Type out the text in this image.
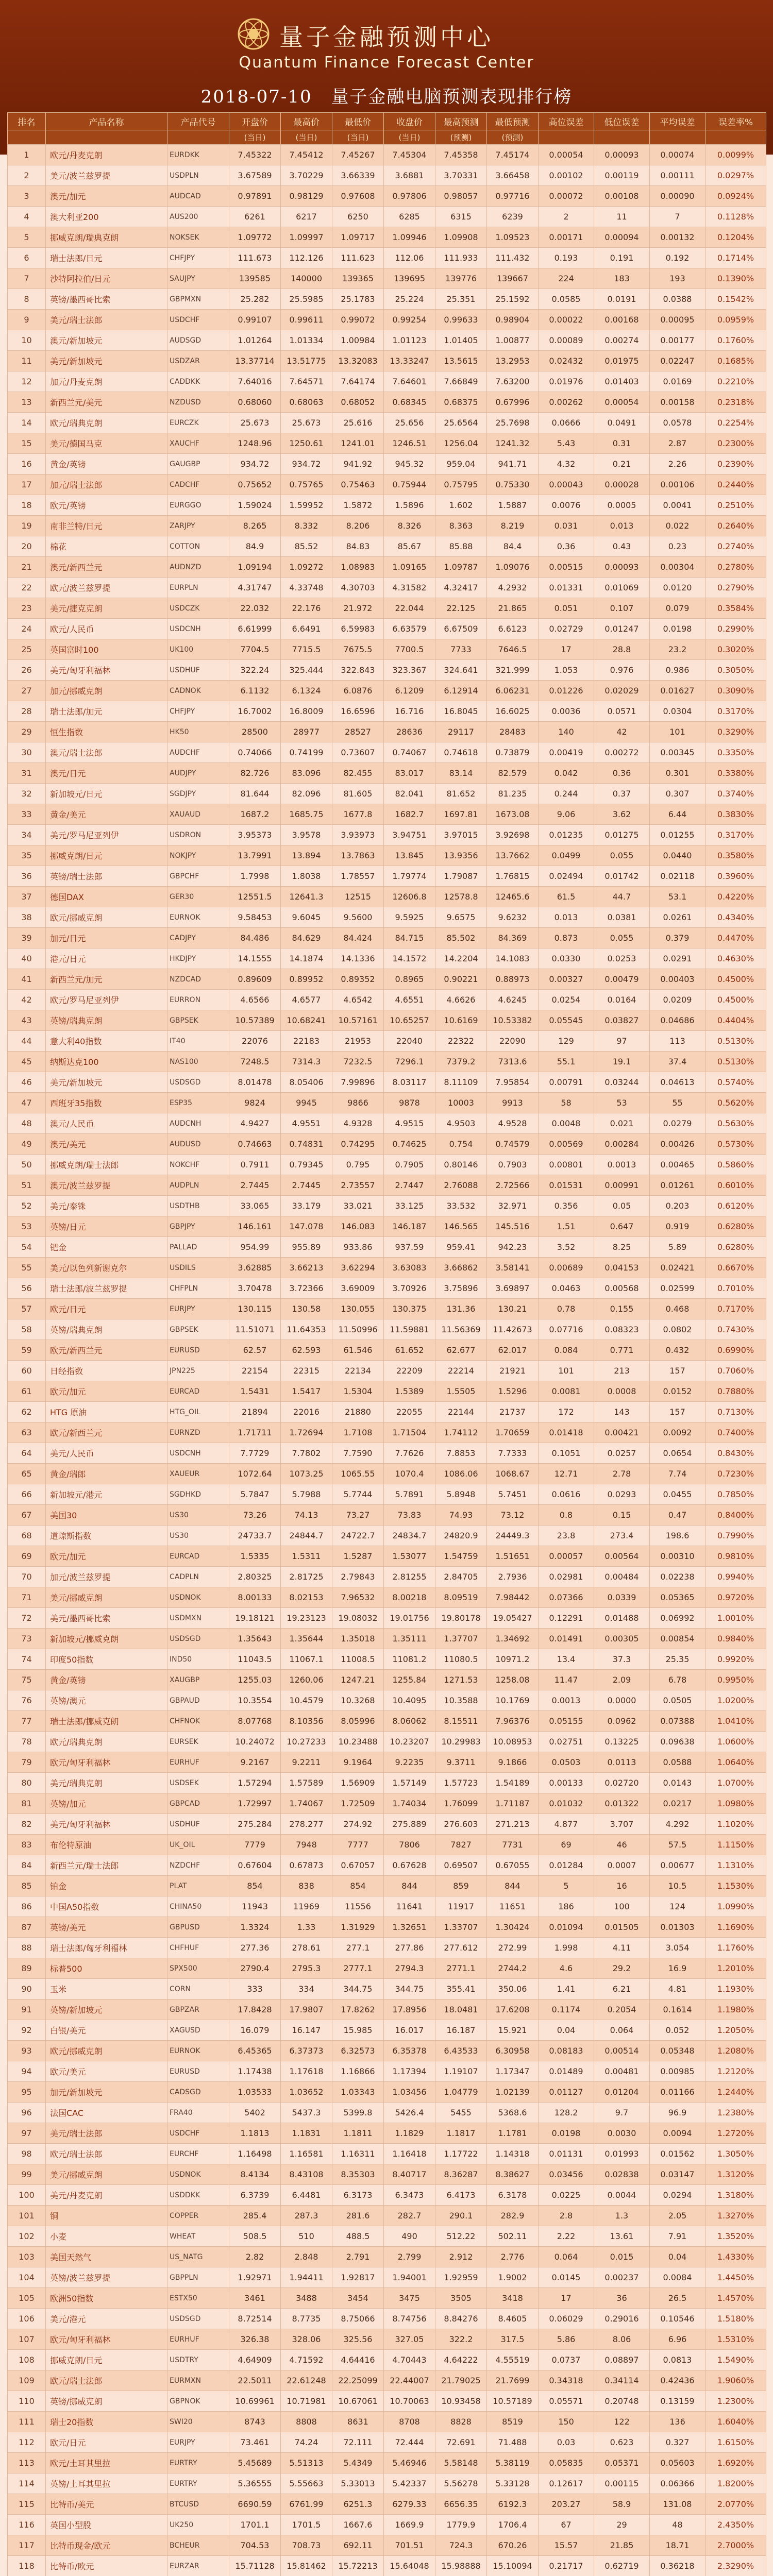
量子金融预测中心
Quantum Finance Forecast Center
2018-07-10 量子金融电脑预测表现排行榜
排名	产品名称	产品代号	开盘价	最高价	最低价	收盘价	最高预测	最低预测	高位误差	低位误差	平均误差	误差率%
			(当日)	(当日)	(当日)	(当日)	(预测)	(预测)				
1	欧元/丹麦克朗	EURDKK	7.45322	7.45412	7.45267	7.45304	7.45358	7.45174	0.00054	0.00093	0.00074	0.0099%
2	美元/波兰兹罗提	USDPLN	3.67589	3.70229	3.66339	3.6881	3.70331	3.66458	0.00102	0.00119	0.00111	0.0297%
3	澳元/加元	AUDCAD	0.97891	0.98129	0.97608	0.97806	0.98057	0.97716	0.00072	0.00108	0.00090	0.0924%
4	澳大利亚200	AUS200	6261	6217	6250	6285	6315	6239	2	11	7	0.1128%
5	挪威克朗/瑞典克朗	NOKSEK	1.09772	1.09997	1.09717	1.09946	1.09908	1.09523	0.00171	0.00094	0.00132	0.1204%
6	瑞士法郎/日元	CHFJPY	111.673	112.126	111.623	112.06	111.933	111.432	0.193	0.191	0.192	0.1714%
7	沙特阿拉伯/日元	SAUJPY	139585	140000	139365	139695	139776	139667	224	183	193	0.1390%
8	英镑/墨西哥比索	GBPMXN	25.282	25.5985	25.1783	25.224	25.351	25.1592	0.0585	0.0191	0.0388	0.1542%
9	美元/瑞士法郎	USDCHF	0.99107	0.99611	0.99072	0.99254	0.99633	0.98904	0.00022	0.00168	0.00095	0.0959%
10	澳元/新加坡元	AUDSGD	1.01264	1.01334	1.00984	1.01123	1.01405	1.00877	0.00089	0.00274	0.00177	0.1760%
11	美元/新加坡元	USDZAR	13.37714	13.51775	13.32083	13.33247	13.5615	13.2953	0.02432	0.01975	0.02247	0.1685%
12	加元/丹麦克朗	CADDKK	7.64016	7.64571	7.64174	7.64601	7.66849	7.63200	0.01976	0.01403	0.0169	0.2210%
13	新西兰元/美元	NZDUSD	0.68060	0.68063	0.68052	0.68345	0.68375	0.67996	0.00262	0.00054	0.00158	0.2318%
14	欧元/瑞典克朗	EURCZK	25.673	25.673	25.616	25.656	25.6564	25.7698	0.0666	0.0491	0.0578	0.2254%
15	美元/德国马克	XAUCHF	1248.96	1250.61	1241.01	1246.51	1256.04	1241.32	5.43	0.31	2.87	0.2300%
16	黄金/英镑	GAUGBP	934.72	934.72	941.92	945.32	959.04	941.71	4.32	0.21	2.26	0.2390%
17	加元/瑞士法郎	CADCHF	0.75652	0.75765	0.75463	0.75944	0.75795	0.75330	0.00043	0.00028	0.00106	0.2440%
18	欧元/英镑	EURGGO	1.59024	1.59952	1.5872	1.5896	1.602	1.5887	0.0076	0.0005	0.0041	0.2510%
19	南非兰特/日元	ZARJPY	8.265	8.332	8.206	8.326	8.363	8.219	0.031	0.013	0.022	0.2640%
20	棉花	COTTON	84.9	85.52	84.83	85.67	85.88	84.4	0.36	0.43	0.23	0.2740%
21	澳元/新西兰元	AUDNZD	1.09194	1.09272	1.08983	1.09165	1.09787	1.09076	0.00515	0.00093	0.00304	0.2780%
22	欧元/波兰兹罗提	EURPLN	4.31747	4.33748	4.30703	4.31582	4.32417	4.2932	0.01331	0.01069	0.0120	0.2790%
23	美元/捷克克朗	USDCZK	22.032	22.176	21.972	22.044	22.125	21.865	0.051	0.107	0.079	0.3584%
24	欧元/人民币	USDCNH	6.61999	6.6491	6.59983	6.63579	6.67509	6.6123	0.02729	0.01247	0.0198	0.2990%
25	英国富时100	UK100	7704.5	7715.5	7675.5	7700.5	7733	7646.5	17	28.8	23.2	0.3020%
26	美元/匈牙利福林	USDHUF	322.24	325.444	322.843	323.367	324.641	321.999	1.053	0.976	0.986	0.3050%
27	加元/挪威克朗	CADNOK	6.1132	6.1324	6.0876	6.1209	6.12914	6.06231	0.01226	0.02029	0.01627	0.3090%
28	瑞士法郎/加元	CHFJPY	16.7002	16.8009	16.6596	16.716	16.8045	16.6025	0.0036	0.0571	0.0304	0.3170%
29	恒生指数	HK50	28500	28977	28527	28636	29117	28483	140	42	101	0.3290%
30	澳元/瑞士法郎	AUDCHF	0.74066	0.74199	0.73607	0.74067	0.74618	0.73879	0.00419	0.00272	0.00345	0.3350%
31	澳元/日元	AUDJPY	82.726	83.096	82.455	83.017	83.14	82.579	0.042	0.36	0.301	0.3380%
32	新加坡元/日元	SGDJPY	81.644	82.096	81.605	82.041	81.652	81.235	0.244	0.37	0.307	0.3740%
33	黄金/美元	XAUAUD	1687.2	1685.75	1677.8	1682.7	1697.81	1673.08	9.06	3.62	6.44	0.3830%
34	美元/罗马尼亚列伊	USDRON	3.95373	3.9578	3.93973	3.94751	3.97015	3.92698	0.01235	0.01275	0.01255	0.3170%
35	挪威克朗/日元	NOKJPY	13.7991	13.894	13.7863	13.845	13.9356	13.7662	0.0499	0.055	0.0440	0.3580%
36	英镑/瑞士法郎	GBPCHF	1.7998	1.8038	1.78557	1.79774	1.79087	1.76815	0.02494	0.01742	0.02118	0.3960%
37	德国DAX	GER30	12551.5	12641.3	12515	12606.8	12578.8	12465.6	61.5	44.7	53.1	0.4220%
38	欧元/挪威克朗	EURNOK	9.58453	9.6045	9.5600	9.5925	9.6575	9.6232	0.013	0.0381	0.0261	0.4340%
39	加元/日元	CADJPY	84.486	84.629	84.424	84.715	85.502	84.369	0.873	0.055	0.379	0.4470%
40	港元/日元	HKDJPY	14.1555	14.1874	14.1336	14.1572	14.2204	14.1083	0.0330	0.0253	0.0291	0.4630%
41	新西兰元/加元	NZDCAD	0.89609	0.89952	0.89352	0.8965	0.90221	0.88973	0.00327	0.00479	0.00403	0.4500%
42	欧元/罗马尼亚列伊	EURRON	4.6566	4.6577	4.6542	4.6551	4.6626	4.6245	0.0254	0.0164	0.0209	0.4500%
43	英镑/瑞典克朗	GBPSEK	10.57389	10.68241	10.57161	10.65257	10.6169	10.53382	0.05545	0.03827	0.04686	0.4404%
44	意大利40指数	IT40	22076	22183	21953	22040	22322	22090	129	97	113	0.5130%
45	纳斯达克100	NAS100	7248.5	7314.3	7232.5	7296.1	7379.2	7313.6	55.1	19.1	37.4	0.5130%
46	美元/新加坡元	USDSGD	8.01478	8.05406	7.99896	8.03117	8.11109	7.95854	0.00791	0.03244	0.04613	0.5740%
47	西班牙35指数	ESP35	9824	9945	9866	9878	10003	9913	58	53	55	0.5620%
48	澳元/人民币	AUDCNH	4.9427	4.9551	4.9328	4.9515	4.9503	4.9528	0.0048	0.021	0.0279	0.5630%
49	澳元/美元	AUDUSD	0.74663	0.74831	0.74295	0.74625	0.754	0.74579	0.00569	0.00284	0.00426	0.5730%
50	挪威克朗/瑞士法郎	NOKCHF	0.7911	0.79345	0.795	0.7905	0.80146	0.7903	0.00801	0.0013	0.00465	0.5860%
51	澳元/波兰兹罗提	AUDPLN	2.7445	2.7445	2.73557	2.7447	2.76088	2.72566	0.01531	0.00991	0.01261	0.6010%
52	美元/泰铢	USDTHB	33.065	33.179	33.021	33.125	33.532	32.971	0.356	0.05	0.203	0.6120%
53	英镑/日元	GBPJPY	146.161	147.078	146.083	146.187	146.565	145.516	1.51	0.647	0.919	0.6280%
54	钯金	PALLAD	954.99	955.89	933.86	937.59	959.41	942.23	3.52	8.25	5.89	0.6280%
55	美元/以色列新谢克尔	USDILS	3.62885	3.66213	3.62294	3.63083	3.66862	3.58141	0.00689	0.04153	0.02421	0.6670%
56	瑞士法郎/波兰兹罗提	CHFPLN	3.70478	3.72366	3.69009	3.70926	3.75896	3.69897	0.0463	0.00568	0.02599	0.7010%
57	欧元/日元	EURJPY	130.115	130.58	130.055	130.375	131.36	130.21	0.78	0.155	0.468	0.7170%
58	英镑/瑞典克朗	GBPSEK	11.51071	11.64353	11.50996	11.59881	11.56369	11.42673	0.07716	0.08323	0.0802	0.7430%
59	欧元/新西兰元	EURUSD	62.57	62.593	61.546	61.652	62.677	62.017	0.084	0.771	0.432	0.6990%
60	日经指数	JPN225	22154	22315	22134	22209	22214	21921	101	213	157	0.7060%
61	欧元/加元	EURCAD	1.5431	1.5417	1.5304	1.5389	1.5505	1.5296	0.0081	0.0008	0.0152	0.7880%
62	HTG 原油	HTG_OIL	21894	22016	21880	22055	22144	21737	172	143	157	0.7130%
63	欧元/新西兰元	EURNZD	1.71711	1.72694	1.7108	1.71504	1.74112	1.70659	0.01418	0.00421	0.0092	0.7400%
64	美元/人民币	USDCNH	7.7729	7.7802	7.7590	7.7626	7.8853	7.7333	0.1051	0.0257	0.0654	0.8430%
65	黄金/瑞郎	XAUEUR	1072.64	1073.25	1065.55	1070.4	1086.06	1068.67	12.71	2.78	7.74	0.7230%
66	新加坡元/港元	SGDHKD	5.7847	5.7988	5.7744	5.7891	5.8948	5.7451	0.0616	0.0293	0.0455	0.7850%
67	美国30	US30	73.26	74.13	73.27	73.83	74.93	73.12	0.8	0.15	0.47	0.8400%
68	道琼斯指数	US30	24733.7	24844.7	24722.7	24834.7	24820.9	24449.3	23.8	273.4	198.6	0.7990%
69	欧元/加元	EURCAD	1.5335	1.5311	1.5287	1.53077	1.54759	1.51651	0.00057	0.00564	0.00310	0.9810%
70	加元/波兰兹罗提	CADPLN	2.80325	2.81725	2.79843	2.81255	2.84705	2.7936	0.02981	0.00484	0.02238	0.9940%
71	美元/挪威克朗	USDNOK	8.00133	8.02153	7.96532	8.00218	8.09519	7.98442	0.07366	0.0339	0.05365	0.9720%
72	美元/墨西哥比索	USDMXN	19.18121	19.23123	19.08032	19.01756	19.80178	19.05427	0.12291	0.01488	0.06992	1.0010%
73	新加坡元/挪威克朗	USDSGD	1.35643	1.35644	1.35018	1.35111	1.37707	1.34692	0.01491	0.00305	0.00854	0.9840%
74	印度50指数	IND50	11043.5	11067.1	11008.5	11081.2	11080.5	10971.2	13.4	37.3	25.35	0.9920%
75	黄金/英镑	XAUGBP	1255.03	1260.06	1247.21	1255.84	1271.53	1258.08	11.47	2.09	6.78	0.9950%
76	英镑/澳元	GBPAUD	10.3554	10.4579	10.3268	10.4095	10.3588	10.1769	0.0013	0.0000	0.0505	1.0200%
77	瑞士法郎/挪威克朗	CHFNOK	8.07768	8.10356	8.05996	8.06062	8.15511	7.96376	0.05155	0.0962	0.07388	1.0410%
78	欧元/瑞典克朗	EURSEK	10.24072	10.27233	10.23488	10.23207	10.29983	10.08953	0.02751	0.13225	0.09638	1.0600%
79	欧元/匈牙利福林	EURHUF	9.2167	9.2211	9.1964	9.2235	9.3711	9.1866	0.0503	0.0113	0.0588	1.0640%
80	美元/瑞典克朗	USDSEK	1.57294	1.57589	1.56909	1.57149	1.57723	1.54189	0.00133	0.02720	0.0143	1.0700%
81	英镑/加元	GBPCAD	1.72997	1.74067	1.72509	1.74034	1.76099	1.71187	0.01032	0.01322	0.0217	1.0980%
82	美元/匈牙利福林	USDHUF	275.284	278.277	274.92	275.889	276.603	271.213	4.877	3.707	4.292	1.1020%
83	布伦特原油	UK_OIL	7779	7948	7777	7806	7827	7731	69	46	57.5	1.1150%
84	新西兰元/瑞士法郎	NZDCHF	0.67604	0.67873	0.67057	0.67628	0.69507	0.67055	0.01284	0.0007	0.00677	1.1310%
85	铂金	PLAT	854	838	854	844	859	844	5	16	10.5	1.1530%
86	中国A50指数	CHINA50	11943	11969	11556	11641	11917	11651	186	100	124	1.0990%
87	英镑/美元	GBPUSD	1.3324	1.33	1.31929	1.32651	1.33707	1.30424	0.01094	0.01505	0.01303	1.1690%
88	瑞士法郎/匈牙利福林	CHFHUF	277.36	278.61	277.1	277.86	277.612	272.99	1.998	4.11	3.054	1.1760%
89	标普500	SPX500	2790.4	2795.3	2777.1	2794.3	2771.1	2744.2	4.6	29.2	16.9	1.2010%
90	玉米	CORN	333	334	344.75	344.75	355.41	350.06	1.41	6.21	4.81	1.1930%
91	英镑/新加坡元	GBPZAR	17.8428	17.9807	17.8262	17.8956	18.0481	17.6208	0.1174	0.2054	0.1614	1.1980%
92	白银/美元	XAGUSD	16.079	16.147	15.985	16.017	16.187	15.921	0.04	0.064	0.052	1.2050%
93	欧元/挪威克朗	EURNOK	6.45365	6.37373	6.32573	6.35378	6.43533	6.30958	0.08183	0.00514	0.05348	1.2080%
94	欧元/美元	EURUSD	1.17438	1.17618	1.16866	1.17394	1.19107	1.17347	0.01489	0.00481	0.00985	1.2120%
95	加元/新加坡元	CADSGD	1.03533	1.03652	1.03343	1.03456	1.04779	1.02139	0.01127	0.01204	0.01166	1.2440%
96	法国CAC	FRA40	5402	5437.3	5399.8	5426.4	5455	5368.6	128.2	9.7	96.9	1.2380%
97	美元/瑞士法郎	USDCHF	1.1813	1.1831	1.1811	1.1829	1.1817	1.1781	0.0198	0.0030	0.0094	1.2720%
98	欧元/瑞士法郎	EURCHF	1.16498	1.16581	1.16311	1.16418	1.17722	1.14318	0.01131	0.01993	0.01562	1.3050%
99	美元/挪威克朗	USDNOK	8.4134	8.43108	8.35303	8.40717	8.36287	8.38627	0.03456	0.02838	0.03147	1.3120%
100	美元/丹麦克朗	USDDKK	6.3739	6.4481	6.3173	6.3473	6.4173	6.3178	0.0225	0.0044	0.0294	1.3180%
101	铜	COPPER	285.4	287.3	281.6	282.7	290.1	282.9	2.8	1.3	2.05	1.3270%
102	小麦	WHEAT	508.5	510	488.5	490	512.22	502.11	2.22	13.61	7.91	1.3520%
103	美国天然气	US_NATG	2.82	2.848	2.791	2.799	2.912	2.776	0.064	0.015	0.04	1.4330%
104	英镑/波兰兹罗提	GBPPLN	1.92971	1.94411	1.92817	1.94001	1.92959	1.9002	0.0145	0.00237	0.0084	1.4450%
105	欧洲50指数	ESTX50	3461	3488	3454	3475	3505	3418	17	36	26.5	1.4570%
106	美元/港元	USDSGD	8.72514	8.7735	8.75066	8.74756	8.84276	8.4605	0.06029	0.29016	0.10546	1.5180%
107	欧元/匈牙利福林	EURHUF	326.38	328.06	325.56	327.05	322.2	317.5	5.86	8.06	6.96	1.5310%
108	挪威克朗/日元	USDTRY	4.64909	4.71592	4.64416	4.70443	4.64222	4.55519	0.0737	0.08897	0.0813	1.5490%
109	欧元/瑞士法郎	EURMXN	22.5011	22.61248	22.25099	22.44007	21.79025	21.7699	0.34318	0.34114	0.42436	1.9060%
110	英镑/挪威克朗	GBPNOK	10.69961	10.71981	10.67061	10.70063	10.93458	10.57189	0.05571	0.20748	0.13159	1.2300%
111	瑞士20指数	SWI20	8743	8808	8631	8708	8828	8519	150	122	136	1.6040%
112	欧元/日元	EURJPY	73.461	74.24	72.111	72.444	72.691	71.488	0.03	0.623	0.327	1.6150%
113	欧元/土耳其里拉	EURTRY	5.45689	5.51313	5.4349	5.46946	5.58148	5.38119	0.05835	0.05371	0.05603	1.6920%
114	英镑/土耳其里拉	EURTRY	5.36555	5.55663	5.33013	5.42337	5.56278	5.33128	0.12617	0.00115	0.06366	1.8200%
115	比特币/美元	BTCUSD	6690.59	6761.99	6251.3	6279.33	6656.35	6192.3	203.27	58.9	131.08	2.0770%
116	英国小型股	UK250	1701.1	1701.5	1667.6	1669.9	1779.9	1706.4	67	29	48	2.4350%
117	比特币现金/欧元	BCHEUR	704.53	708.73	692.11	701.51	724.3	670.26	15.57	21.85	18.71	2.7000%
118	比特币/欧元	EURZAR	15.71128	15.81462	15.72213	15.64048	15.98888	15.10094	0.21717	0.62719	0.36218	2.3290%
